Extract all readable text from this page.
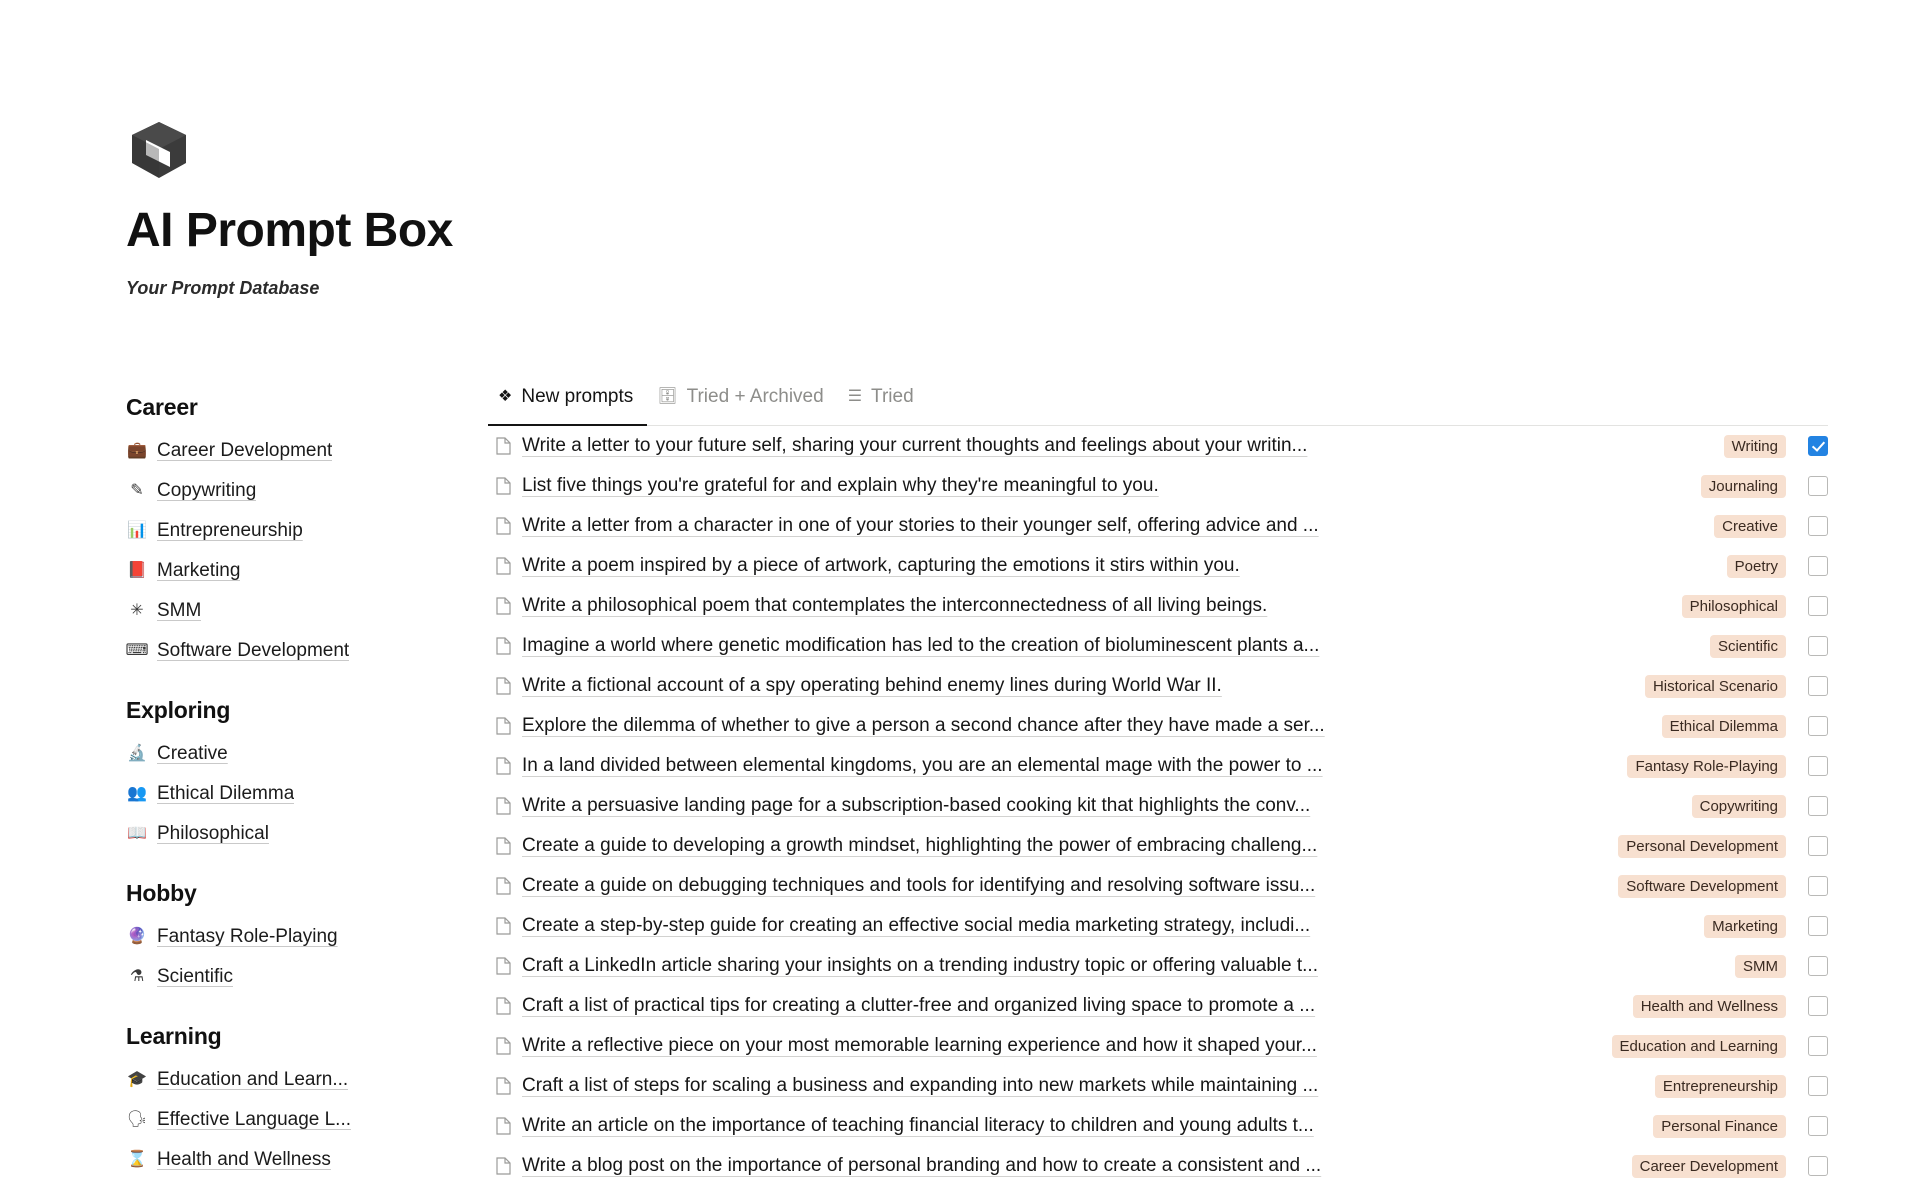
AI Prompt Box

Your Prompt Database

Career
💼 Career Development
✎ Copywriting
📊 Entrepreneurship
📕 Marketing
✳ SMM
⌨ Software Development
Exploring
🔬 Creative
👥 Ethical Dilemma
📖 Philosophical
Hobby
🔮 Fantasy Role-Playing
⚗ Scientific
Learning
🎓 Education and Learn...
🗣 Effective Language L...
⌛ Health and Wellness
❖ New prompts 🗄 Tried + Archived ☰ Tried
Write a letter to your future self, sharing your current thoughts and feelings about your writin...	Writing
List five things you're grateful for and explain why they're meaningful to you.	Journaling
Write a letter from a character in one of your stories to their younger self, offering advice and ...	Creative
Write a poem inspired by a piece of artwork, capturing the emotions it stirs within you.	Poetry
Write a philosophical poem that contemplates the interconnectedness of all living beings.	Philosophical
Imagine a world where genetic modification has led to the creation of bioluminescent plants a...	Scientific
Write a fictional account of a spy operating behind enemy lines during World War II.	Historical Scenario
Explore the dilemma of whether to give a person a second chance after they have made a ser...	Ethical Dilemma
In a land divided between elemental kingdoms, you are an elemental mage with the power to ...	Fantasy Role-Playing
Write a persuasive landing page for a subscription-based cooking kit that highlights the conv...	Copywriting
Create a guide to developing a growth mindset, highlighting the power of embracing challeng...	Personal Development
Create a guide on debugging techniques and tools for identifying and resolving software issu...	Software Development
Create a step-by-step guide for creating an effective social media marketing strategy, includi...	Marketing
Craft a LinkedIn article sharing your insights on a trending industry topic or offering valuable t...	SMM
Craft a list of practical tips for creating a clutter-free and organized living space to promote a ...	Health and Wellness
Write a reflective piece on your most memorable learning experience and how it shaped your...	Education and Learning
Craft a list of steps for scaling a business and expanding into new markets while maintaining ...	Entrepreneurship
Write an article on the importance of teaching financial literacy to children and young adults t...	Personal Finance
Write a blog post on the importance of personal branding and how to create a consistent and ...	Career Development
